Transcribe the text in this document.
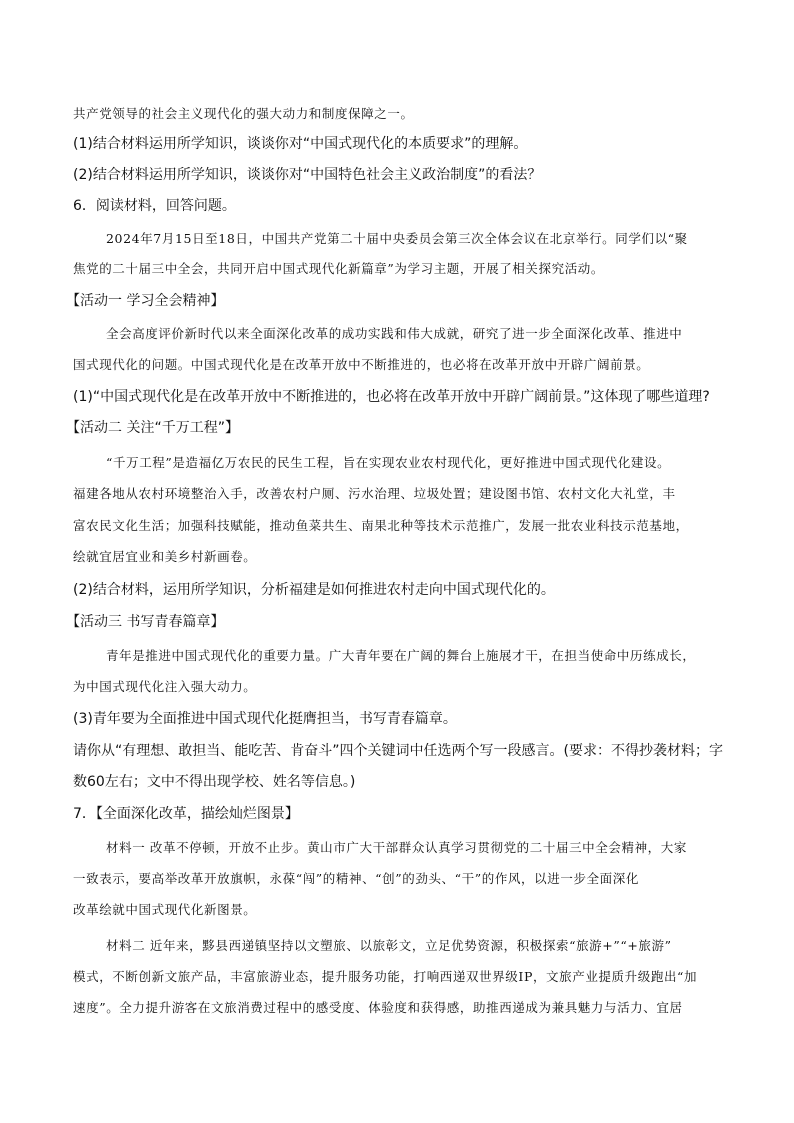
共产党领导的社会主义现代化的强大动力和制度保障之一。
(1)结合材料运用所学知识，谈谈你对“中国式现代化的本质要求”的理解。
(2)结合材料运用所学知识，谈谈你对“中国特色社会主义政治制度”的看法？
6．阅读材料，回答问题。
2024年7月15日至18日，中国共产党第二十届中央委员会第三次全体会议在北京举行。同学们以“聚
焦党的二十届三中全会，共同开启中国式现代化新篇章”为学习主题，开展了相关探究活动。
【活动一 学习全会精神】
全会高度评价新时代以来全面深化改革的成功实践和伟大成就，研究了进一步全面深化改革、推进中
国式现代化的问题。中国式现代化是在改革开放中不断推进的，也必将在改革开放中开辟广阔前景。
(1)“中国式现代化是在改革开放中不断推进的，也必将在改革开放中开辟广阔前景。”这体现了哪些道理?
【活动二 关注“千万工程”】
“千万工程”是造福亿万农民的民生工程，旨在实现农业农村现代化，更好推进中国式现代化建设。
福建各地从农村环境整治入手，改善农村户厕、污水治理、垃圾处置；建设图书馆、农村文化大礼堂，丰
富农民文化生活；加强科技赋能，推动鱼菜共生、南果北种等技术示范推广，发展一批农业科技示范基地，
绘就宜居宜业和美乡村新画卷。
(2)结合材料，运用所学知识，分析福建是如何推进农村走向中国式现代化的。
【活动三 书写青春篇章】
青年是推进中国式现代化的重要力量。广大青年要在广阔的舞台上施展才干，在担当使命中历练成长，
为中国式现代化注入强大动力。
(3)青年要为全面推进中国式现代化挺膺担当，书写青春篇章。
请你从“有理想、敢担当、能吃苦、肯奋斗”四个关键词中任选两个写一段感言。(要求：不得抄袭材料；字
数60左右；文中不得出现学校、姓名等信息。)
7．【全面深化改革，描绘灿烂图景】
材料一 改革不停顿，开放不止步。黄山市广大干部群众认真学习贯彻党的二十届三中全会精神，大家
一致表示，要高举改革开放旗帜，永葆“闯”的精神、“创”的劲头、“干”的作风，以进一步全面深化
改革绘就中国式现代化新图景。
材料二 近年来，黟县西递镇坚持以文塑旅、以旅彰文，立足优势资源，积极探索“旅游+”“+旅游”
模式，不断创新文旅产品，丰富旅游业态，提升服务功能，打响西递双世界级IP，文旅产业提质升级跑出“加
速度”。全力提升游客在文旅消费过程中的感受度、体验度和获得感，助推西递成为兼具魅力与活力、宜居
